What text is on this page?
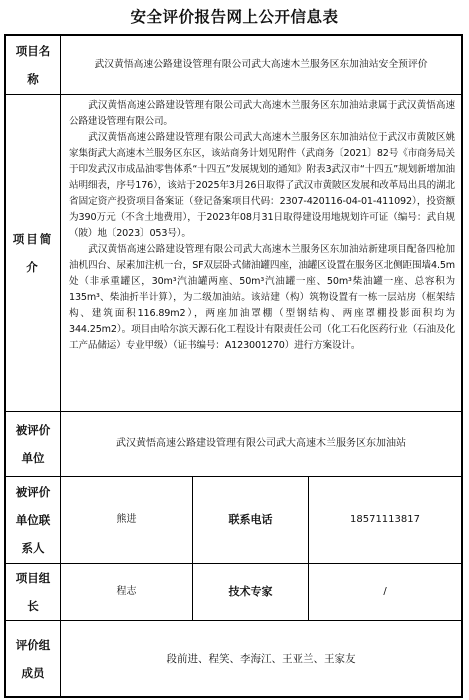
安全评价报告网上公开信息表
项目名称
武汉黄悟高速公路建设管理有限公司武大高速木兰服务区东加油站安全预评价
项目简介

武汉黄悟高速公路建设管理有限公司武大高速木兰服务区东加油站隶属于武汉黄悟高速公路建设管理有限公司。

武汉黄悟高速公路建设管理有限公司武大高速木兰服务区东加油站位于武汉市黄陂区姚家集街武大高速木兰服务区东区，该站商务计划见附件（武商务〔2021〕82号《市商务局关于印发武汉市成品油零售体系“十四五”发展规划的通知》附表3武汉市“十四五”规划新增加油站明细表，序号176），该站于2025年3月26日取得了武汉市黄陂区发展和改革局出具的湖北省固定资产投资项目备案证（登记备案项目代码：2307-420116-04-01-411092），投资额为390万元（不含土地费用），于2023年08月31日取得建设用地规划许可证（编号：武自规（陂）地〔2023〕053号）。

武汉黄悟高速公路建设管理有限公司武大高速木兰服务区东加油站新建项目配备四枪加油机四台、尿素加注机一台，SF双层卧式储油罐四座，油罐区设置在服务区北侧距围墙4.5m处（非承重罐区，30m³汽油罐两座、50m³汽油罐一座、50m³柴油罐一座、总容积为135m³、柴油折半计算），为二级加油站。该站建（构）筑物设置有一栋一层站房（框架结构、建筑面积116.89m2），两座加油罩棚（型钢结构、两座罩棚投影面积均为344.25m2）。项目由哈尔滨天源石化工程设计有限责任公司（化工石化医药行业（石油及化工产品储运）专业甲级）（证书编号：A123001270）进行方案设计。

被评价单位
武汉黄悟高速公路建设管理有限公司武大高速木兰服务区东加油站
被评价单位联系人
熊进	联系电话	18571113817
项目组长
程志	技术专家	/
评价组成员
段前进、程笑、李海江、王亚兰、王家友
